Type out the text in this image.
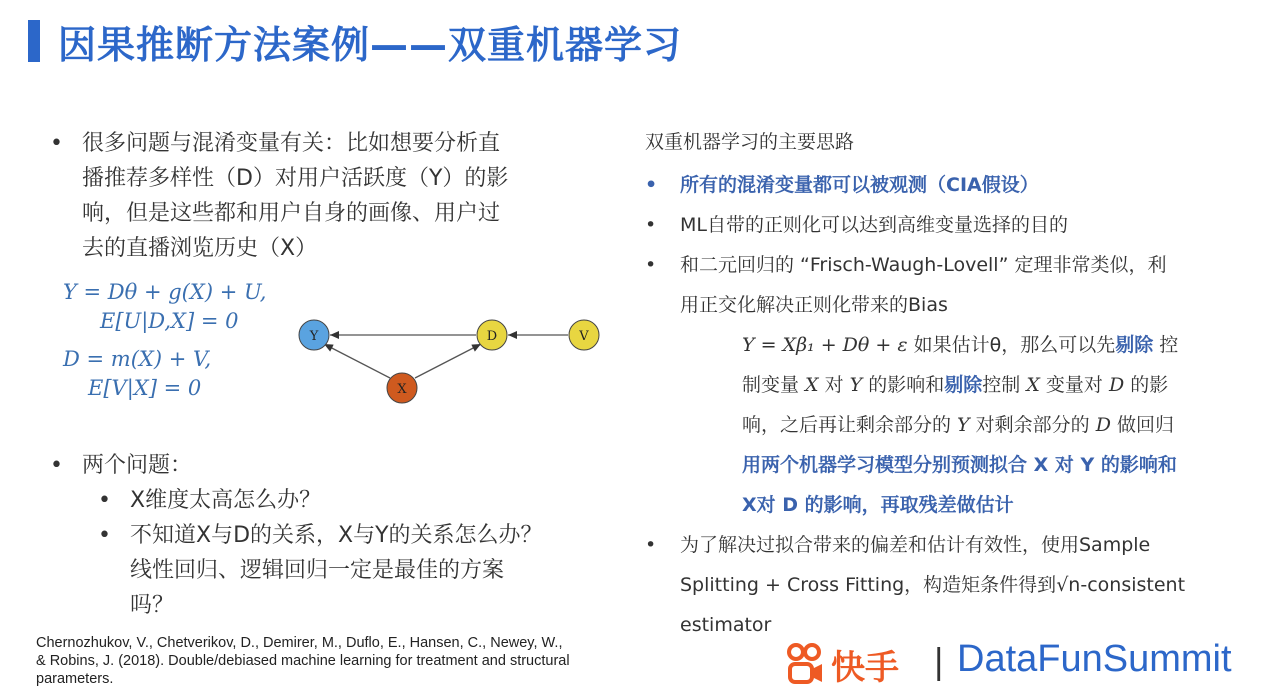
因果推断方法案例——双重机器学习
• 很多问题与混淆变量有关：比如想要分析直
播推荐多样性（D）对用户活跃度（Y）的影
响，但是这些都和用户自身的画像、用户过
去的直播浏览历史（X）
Y = Dθ + g(X) + U,
E[U|D,X] = 0
D = m(X) + V,
E[V|X] = 0
Y	D	V
X
• 两个问题：
• X维度太高怎么办？
• 不知道X与D的关系，X与Y的关系怎么办？
线性回归、逻辑回归一定是最佳的方案
吗？
双重机器学习的主要思路
• 所有的混淆变量都可以被观测（CIA假设）
• ML自带的正则化可以达到高维变量选择的目的
• 和二元回归的 “Frisch-Waugh-Lovell” 定理非常类似，利
用正交化解决正则化带来的Bias
Y = Xβ₁ + Dθ + ε 如果估计θ，那么可以先剔除 控
制变量 X 对 Y 的影响和剔除控制 X 变量对 D 的影
响，之后再让剩余部分的 Y 对剩余部分的 D 做回归
用两个机器学习模型分别预测拟合 X 对 Y 的影响和
X对 D 的影响，再取残差做估计
• 为了解决过拟合带来的偏差和估计有效性，使用Sample
Splitting + Cross Fitting，构造矩条件得到√n-consistent
estimator
Chernozhukov, V., Chetverikov, D., Demirer, M., Duflo, E., Hansen, C., Newey, W.,
& Robins, J. (2018). Double/debiased machine learning for treatment and structural
parameters.	快手 | DataFunSummit
